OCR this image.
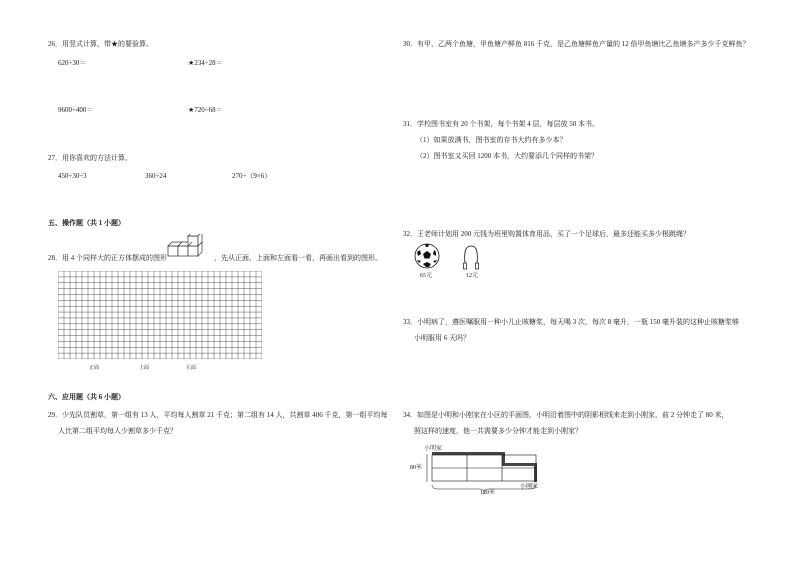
26．用竖式计算，带★的要验算。
620÷30＝	★234÷28＝
9600÷400＝	★720÷68＝
27．用你喜欢的方法计算。
450÷30÷3	360÷24	270÷（9×6）
五、操作题（共 1 小题）
28．用 4 个同样大的正方体摆成的图形	，先从正面、上面和左面看一看，再画出看到的图形。
正面	上面	左面
六、应用题（共 6 小题）
29．少先队员割草，第一组有 13 人，平均每人割草 21 千克；第二组有 14 人，共割草 406 千克，第一组平均每
人比第二组平均每人少割草多少千克？
30．有甲、乙两个鱼塘，甲鱼塘产鲜鱼 816 千克，是乙鱼塘鲜鱼产量的 12 倍甲鱼塘比乙鱼塘多产多少千克鲜鱼？
31．学校图书室有 20 个书架，每个书架 4 层，每层放 50 本书。
（1）如果放满书，图书室的存书大约有多少本？
（2）图书室又买回 1200 本书，大约要添几个同样的书架？
32．王老师计划用 200 元钱为班里购置体育用品，买了一个足球后，最多还能买多少根跳绳？
65元	12元
33．小明病了，遵医嘱服用一种小儿止咳糖浆，每天喝 3 次，每次 8 毫升，一瓶 150 毫升装的这种止咳糖浆够
小明服用 6 天吗？
34．如图是小明和小刚家在小区的平面图，小明沿着图中的阴影相线来走到小刚家，前 2 分钟走了 80 米，
照这样的速度，他一共需要多少分钟才能走到小刚家？
小明家
80米
120米
小刚家
